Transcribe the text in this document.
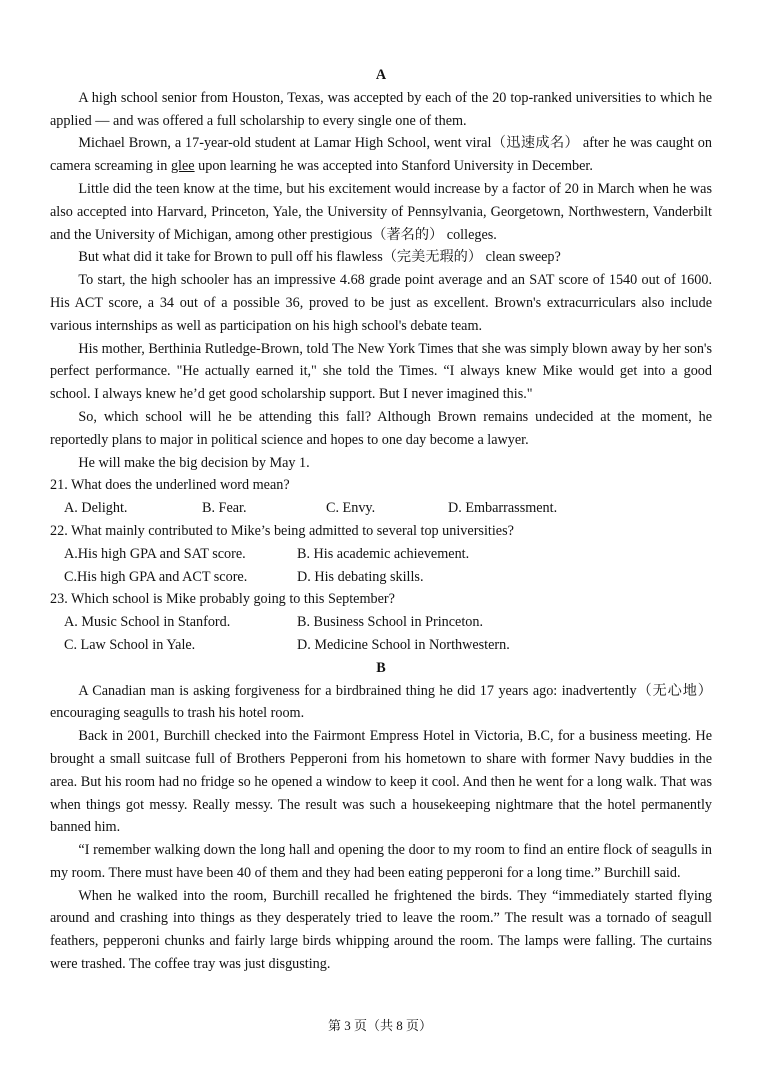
A

A high school senior from Houston, Texas, was accepted by each of the 20 top-ranked universities to which he applied — and was offered a full scholarship to every single one of them.

Michael Brown, a 17-year-old student at Lamar High School, went viral（迅速成名） after he was caught on camera screaming in glee upon learning he was accepted into Stanford University in December.

Little did the teen know at the time, but his excitement would increase by a factor of 20 in March when he was also accepted into Harvard, Princeton, Yale, the University of Pennsylvania, Georgetown, Northwestern, Vanderbilt and the University of Michigan, among other prestigious（著名的） colleges.

But what did it take for Brown to pull off his flawless（完美无瑕的） clean sweep?

To start, the high schooler has an impressive 4.68 grade point average and an SAT score of 1540 out of 1600. His ACT score, a 34 out of a possible 36, proved to be just as excellent. Brown's extracurriculars also include various internships as well as participation on his high school's debate team.

His mother, Berthinia Rutledge-Brown, told The New York Times that she was simply blown away by her son's perfect performance. "He actually earned it," she told the Times. “I always knew Mike would get into a good school. I always knew he’d get good scholarship support. But I never imagined this."

So, which school will he be attending this fall? Although Brown remains undecided at the moment, he reportedly plans to major in political science and hopes to one day become a lawyer.

He will make the big decision by May 1.

21. What does the underlined word mean?

A. Delight.	B. Fear.	C. Envy.	D. Embarrassment.

22. What mainly contributed to Mike’s being admitted to several top universities?

A.His high GPA and SAT score.	B. His academic achievement.
C.His high GPA and ACT score.	D. His debating skills.

23. Which school is Mike probably going to this September?

A. Music School in Stanford.	B. Business School in Princeton.
C. Law School in Yale.	D. Medicine School in Northwestern.
B

A Canadian man is asking forgiveness for a birdbrained thing he did 17 years ago: inadvertently（无心地） encouraging seagulls to trash his hotel room.

Back in 2001, Burchill checked into the Fairmont Empress Hotel in Victoria, B.C, for a business meeting. He brought a small suitcase full of Brothers Pepperoni from his hometown to share with former Navy buddies in the area. But his room had no fridge so he opened a window to keep it cool. And then he went for a long walk. That was when things got messy. Really messy. The result was such a housekeeping nightmare that the hotel permanently banned him.

“I remember walking down the long hall and opening the door to my room to find an entire flock of seagulls in my room. There must have been 40 of them and they had been eating pepperoni for a long time.” Burchill said.

When he walked into the room, Burchill recalled he frightened the birds. They “immediately started flying around and crashing into things as they desperately tried to leave the room.” The result was a tornado of seagull feathers, pepperoni chunks and fairly large birds whipping around the room. The lamps were falling. The curtains were trashed. The coffee tray was just disgusting.

第 3 页（共 8 页）
